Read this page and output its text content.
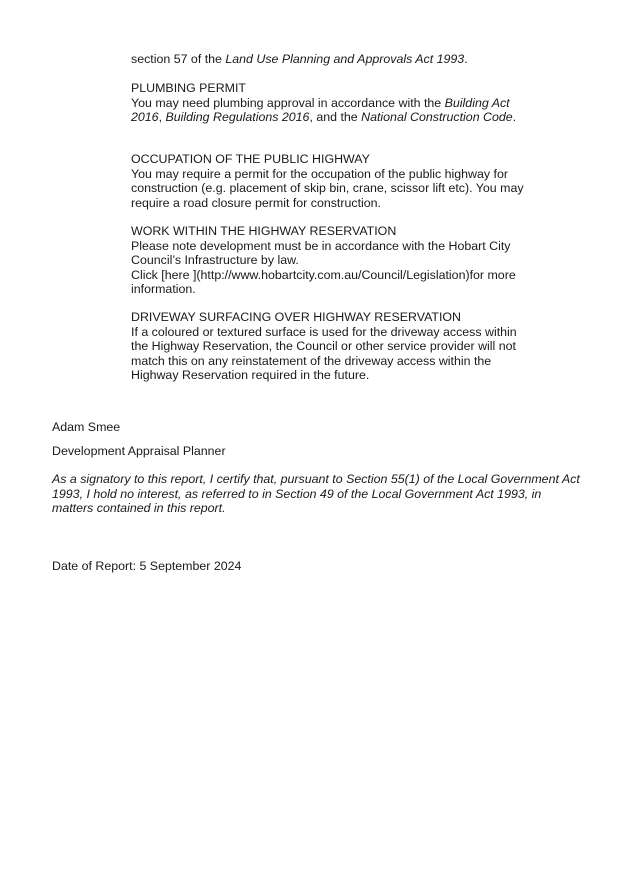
section 57 of the Land Use Planning and Approvals Act 1993.

PLUMBING PERMIT

You may need plumbing approval in accordance with the Building Act 2016, Building Regulations 2016, and the National Construction Code.

OCCUPATION OF THE PUBLIC HIGHWAY

You may require a permit for the occupation of the public highway for construction (e.g. placement of skip bin, crane, scissor lift etc). You may require a road closure permit for construction.

WORK WITHIN THE HIGHWAY RESERVATION

Please note development must be in accordance with the Hobart City Council’s Infrastructure by law.

Click [here ](http://www.hobartcity.com.au/Council/Legislation)for more information.

DRIVEWAY SURFACING OVER HIGHWAY RESERVATION

If a coloured or textured surface is used for the driveway access within the Highway Reservation, the Council or other service provider will not match this on any reinstatement of the driveway access within the Highway Reservation required in the future.

Adam Smee

Development Appraisal Planner

As a signatory to this report, I certify that, pursuant to Section 55(1) of the Local Government Act 1993, I hold no interest, as referred to in Section 49 of the Local Government Act 1993, in matters contained in this report.

Date of Report: 5 September 2024
